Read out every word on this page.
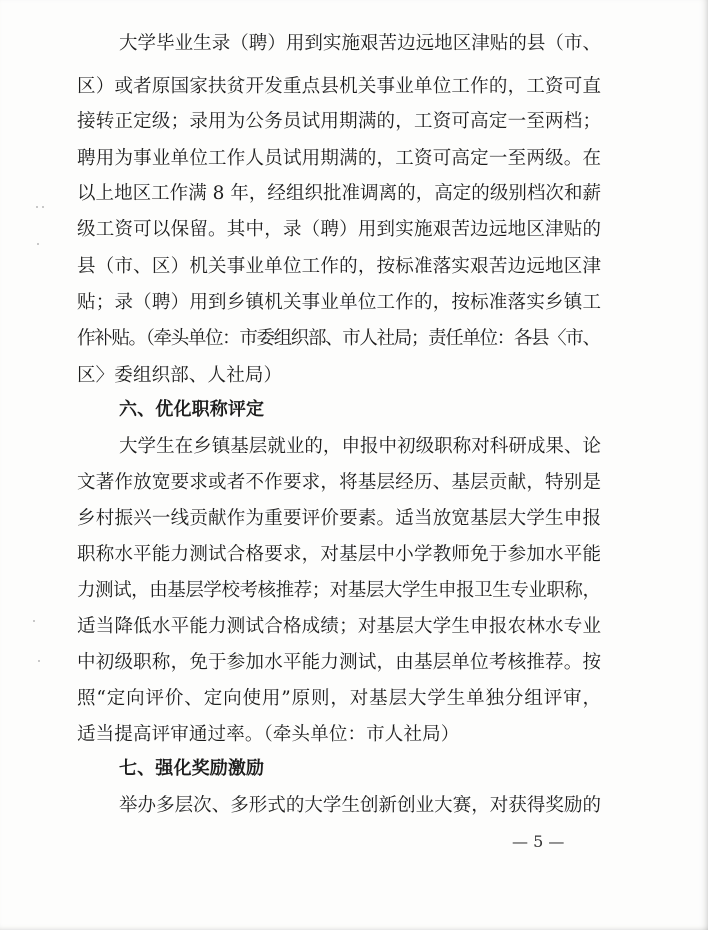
大学毕业生录（聘）用到实施艰苦边远地区津贴的县（市、
区）或者原国家扶贫开发重点县机关事业单位工作的，工资可直
接转正定级；录用为公务员试用期满的，工资可高定一至两档；
聘用为事业单位工作人员试用期满的，工资可高定一至两级。在
以上地区工作满 8 年，经组织批准调离的，高定的级别档次和薪
级工资可以保留。其中，录（聘）用到实施艰苦边远地区津贴的
县（市、区）机关事业单位工作的，按标准落实艰苦边远地区津
贴；录（聘）用到乡镇机关事业单位工作的，按标准落实乡镇工
作补贴。（牵头单位：市委组织部、市人社局；责任单位：各县〈市、
区〉委组织部、人社局）
六、优化职称评定
大学生在乡镇基层就业的，申报中初级职称对科研成果、论
文著作放宽要求或者不作要求，将基层经历、基层贡献，特别是
乡村振兴一线贡献作为重要评价要素。适当放宽基层大学生申报
职称水平能力测试合格要求，对基层中小学教师免于参加水平能
力测试，由基层学校考核推荐；对基层大学生申报卫生专业职称，
适当降低水平能力测试合格成绩；对基层大学生申报农林水专业
中初级职称，免于参加水平能力测试，由基层单位考核推荐。按
照“定向评价、定向使用”原则，对基层大学生单独分组评审，
适当提高评审通过率。（牵头单位：市人社局）
七、强化奖励激励
举办多层次、多形式的大学生创新创业大赛，对获得奖励的
— 5 —
